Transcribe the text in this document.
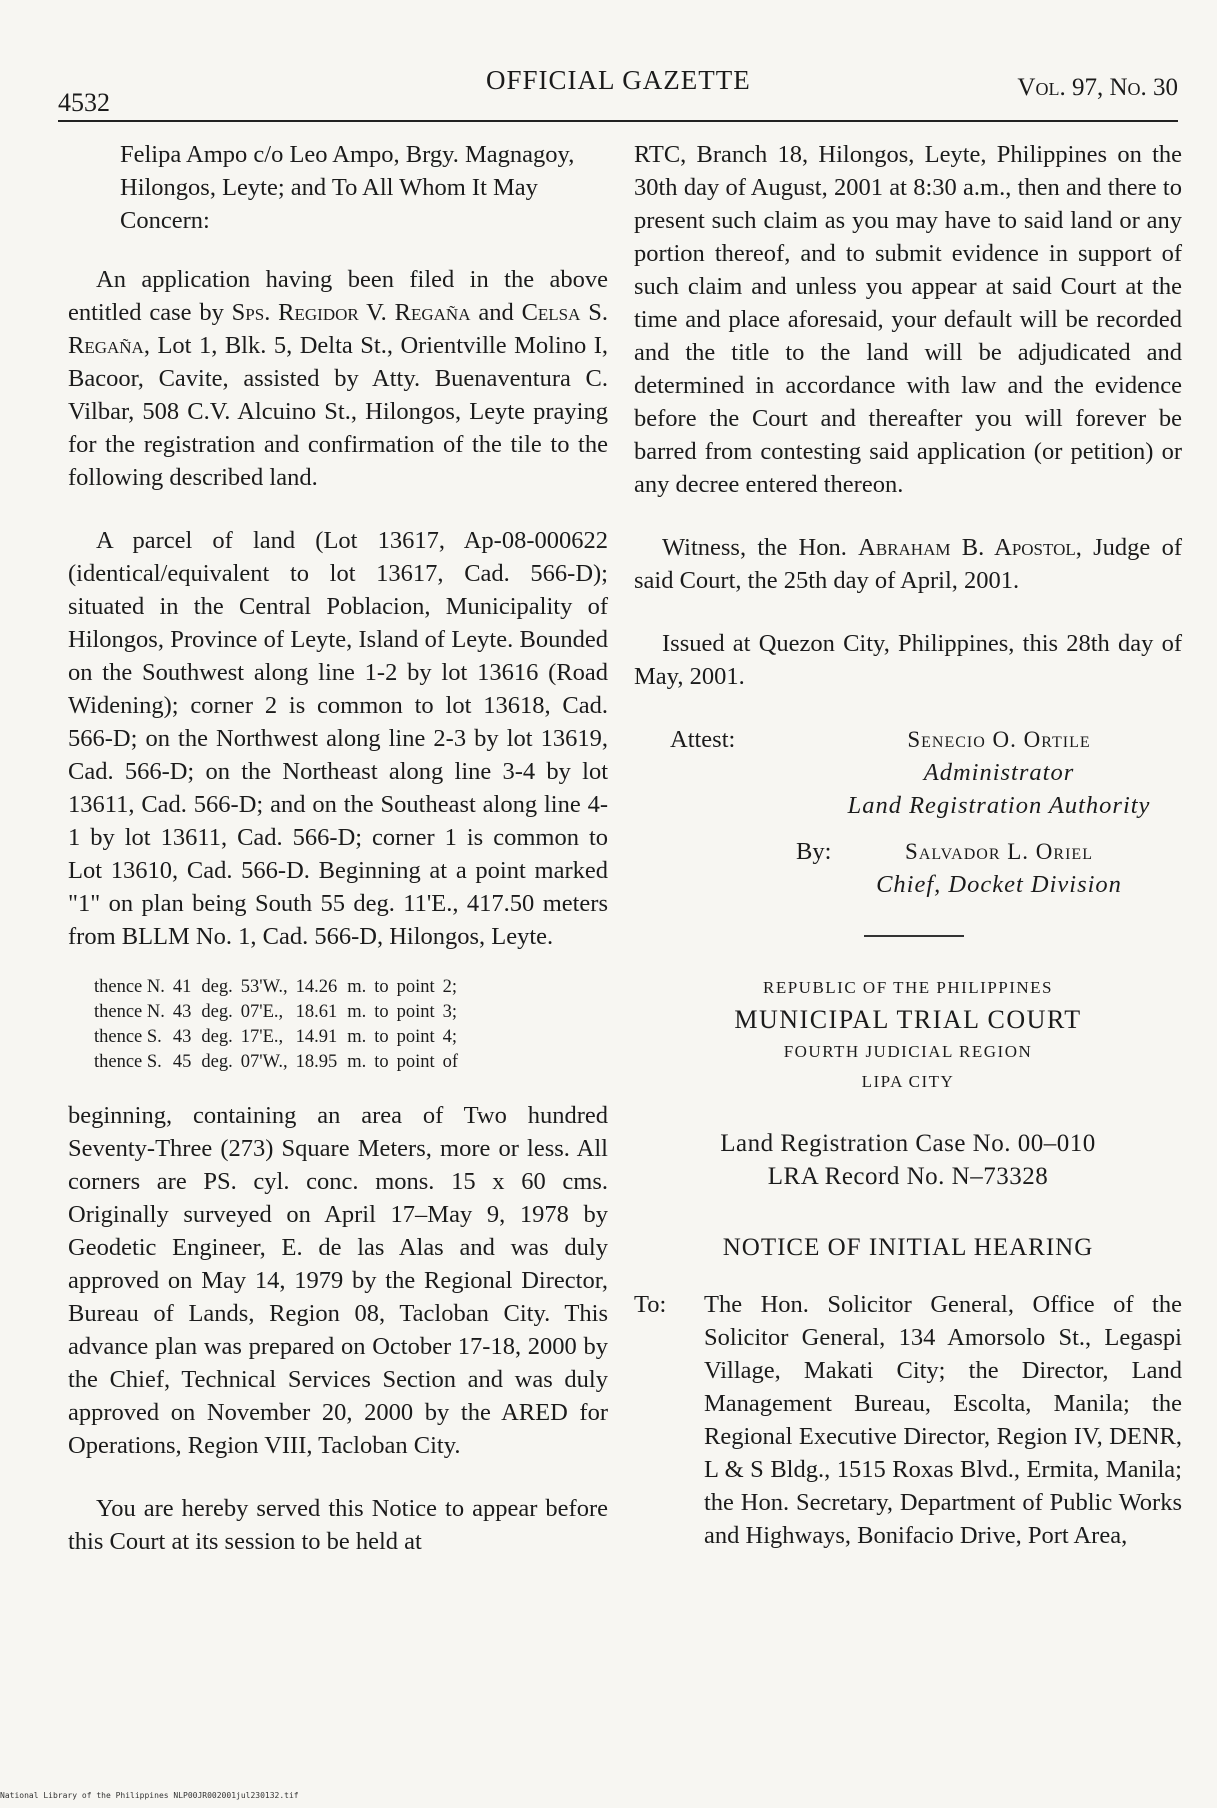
4532
OFFICIAL GAZETTE	Vol. 97, No. 30

Felipa Ampo c/o Leo Ampo, Brgy. Magnagoy, Hilongos, Leyte; and To All Whom It May Concern:

An application having been filed in the above entitled case by Sps. Regidor V. Regaña and Celsa S. Regaña, Lot 1, Blk. 5, Delta St., Orientville Molino I, Bacoor, Cavite, assisted by Atty. Buenaventura C. Vilbar, 508 C.V. Alcuino St., Hilongos, Leyte praying for the registration and confirmation of the tile to the following described land.

A parcel of land (Lot 13617, Ap-08-000622 (identical/equivalent to lot 13617, Cad. 566-D); situated in the Central Poblacion, Municipality of Hilongos, Province of Leyte, Island of Leyte. Bounded on the Southwest along line 1-2 by lot 13616 (Road Widening); corner 2 is common to lot 13618, Cad. 566-D; on the Northwest along line 2-3 by lot 13619, Cad. 566-D; on the Northeast along line 3-4 by lot 13611, Cad. 566-D; and on the Southeast along line 4-1 by lot 13611, Cad. 566-D; corner 1 is common to Lot 13610, Cad. 566-D. Beginning at a point marked "1" on plan being South 55 deg. 11'E., 417.50 meters from BLLM No. 1, Cad. 566-D, Hilongos, Leyte.

thence N.	41	deg.	53'W.,	14.26	m.	to	point	2;
thence N.	43	deg.	07'E.,	18.61	m.	to	point	3;
thence S.	43	deg.	17'E.,	14.91	m.	to	point	4;
thence S.	45	deg.	07'W.,	18.95	m.	to	point	of

beginning, containing an area of Two hundred Seventy-Three (273) Square Meters, more or less. All corners are PS. cyl. conc. mons. 15 x 60 cms. Originally surveyed on April 17–May 9, 1978 by Geodetic Engineer, E. de las Alas and was duly approved on May 14, 1979 by the Regional Director, Bureau of Lands, Region 08, Tacloban City. This advance plan was prepared on October 17-18, 2000 by the Chief, Technical Services Section and was duly approved on November 20, 2000 by the ARED for Operations, Region VIII, Tacloban City.

You are hereby served this Notice to appear before this Court at its session to be held at

RTC, Branch 18, Hilongos, Leyte, Philippines on the 30th day of August, 2001 at 8:30 a.m., then and there to present such claim as you may have to said land or any portion thereof, and to submit evidence in support of such claim and unless you appear at said Court at the time and place aforesaid, your default will be recorded and the title to the land will be adjudicated and determined in accordance with law and the evidence before the Court and thereafter you will forever be barred from contesting said application (or petition) or any decree entered thereon.

Witness, the Hon. Abraham B. Apostol, Judge of said Court, the 25th day of April, 2001.

Issued at Quezon City, Philippines, this 28th day of May, 2001.

Attest:	Senecio O. Ortile
Administrator
Land Registration Authority
By:	Salvador L. Oriel
Chief, Docket Division
REPUBLIC OF THE PHILIPPINES
MUNICIPAL TRIAL COURT
FOURTH JUDICIAL REGION
LIPA CITY
Land Registration Case No. 00–010
LRA Record No. N–73328
NOTICE OF INITIAL HEARING
To: The Hon. Solicitor General, Office of the Solicitor General, 134 Amorsolo St., Legaspi Village, Makati City; the Director, Land Management Bureau, Escolta, Manila; the Regional Executive Director, Region IV, DENR, L & S Bldg., 1515 Roxas Blvd., Ermita, Manila; the Hon. Secretary, Department of Public Works and Highways, Bonifacio Drive, Port Area,

National Library of the Philippines NLP00JR002001jul230132.tif
